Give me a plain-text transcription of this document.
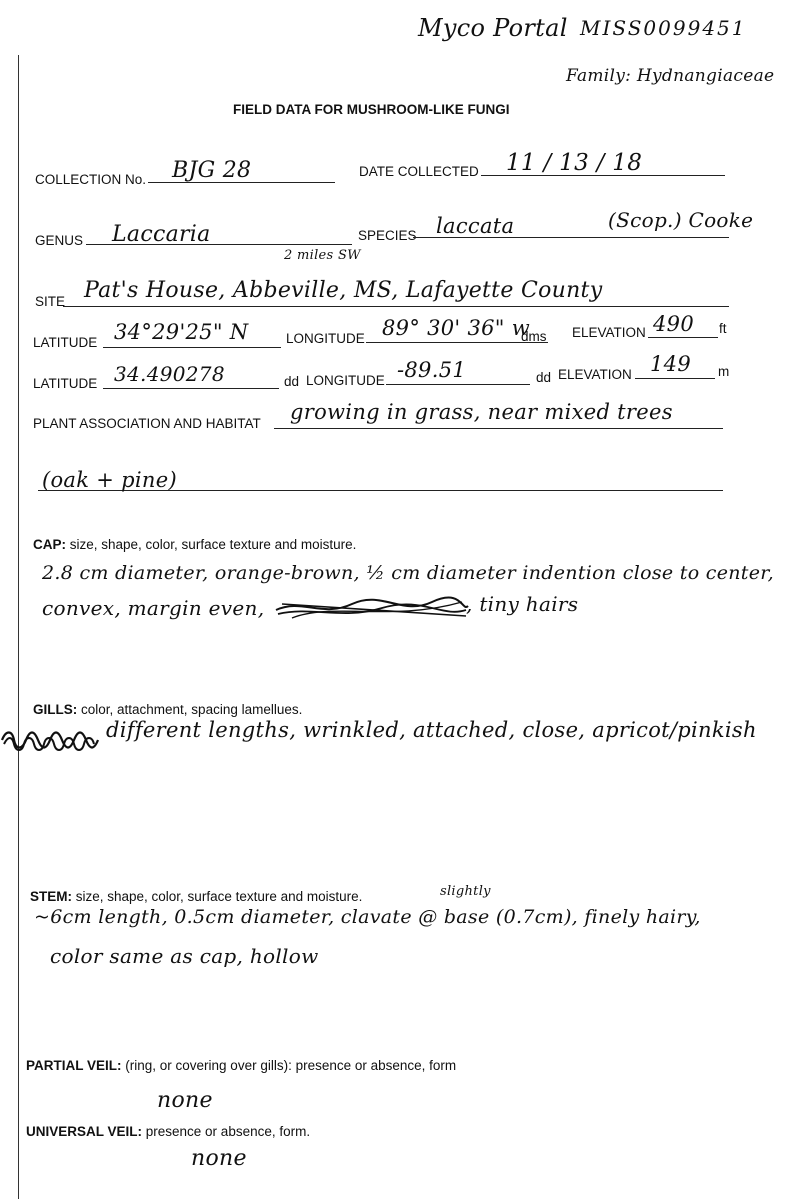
Myco Portal MISS0099451
Family: Hydnangiaceae
FIELD DATA FOR MUSHROOM-LIKE FUNGI
COLLECTION No. BJG 28	DATE COLLECTED 11 / 13 / 18
GENUS Laccaria	SPECIES laccata	(Scop.) Cooke
2 miles SW
SITE Pat's House, Abbeville, MS, Lafayette County
LATITUDE 34°29'25" N	LONGITUDE 89° 30' 36" w
dms ELEVATION 490 ft
LATITUDE 34.490278	dd LONGITUDE -89.51	dd ELEVATION 149 m
PLANT ASSOCIATION AND HABITAT growing in grass, near mixed trees
(oak + pine)
CAP: size, shape, color, surface texture and moisture.
2.8 cm diameter, orange-brown, ½ cm diameter indention close to center,
convex, margin even,	, tiny hairs
GILLS: color, attachment, spacing lamellues.
different lengths, wrinkled, attached, close, apricot/pinkish
STEM: size, shape, color, surface texture and moisture.	slightly
~6cm length, 0.5cm diameter, clavate @ base (0.7cm), finely hairy,
color same as cap, hollow
PARTIAL VEIL: (ring, or covering over gills): presence or absence, form
none
UNIVERSAL VEIL: presence or absence, form.
none
